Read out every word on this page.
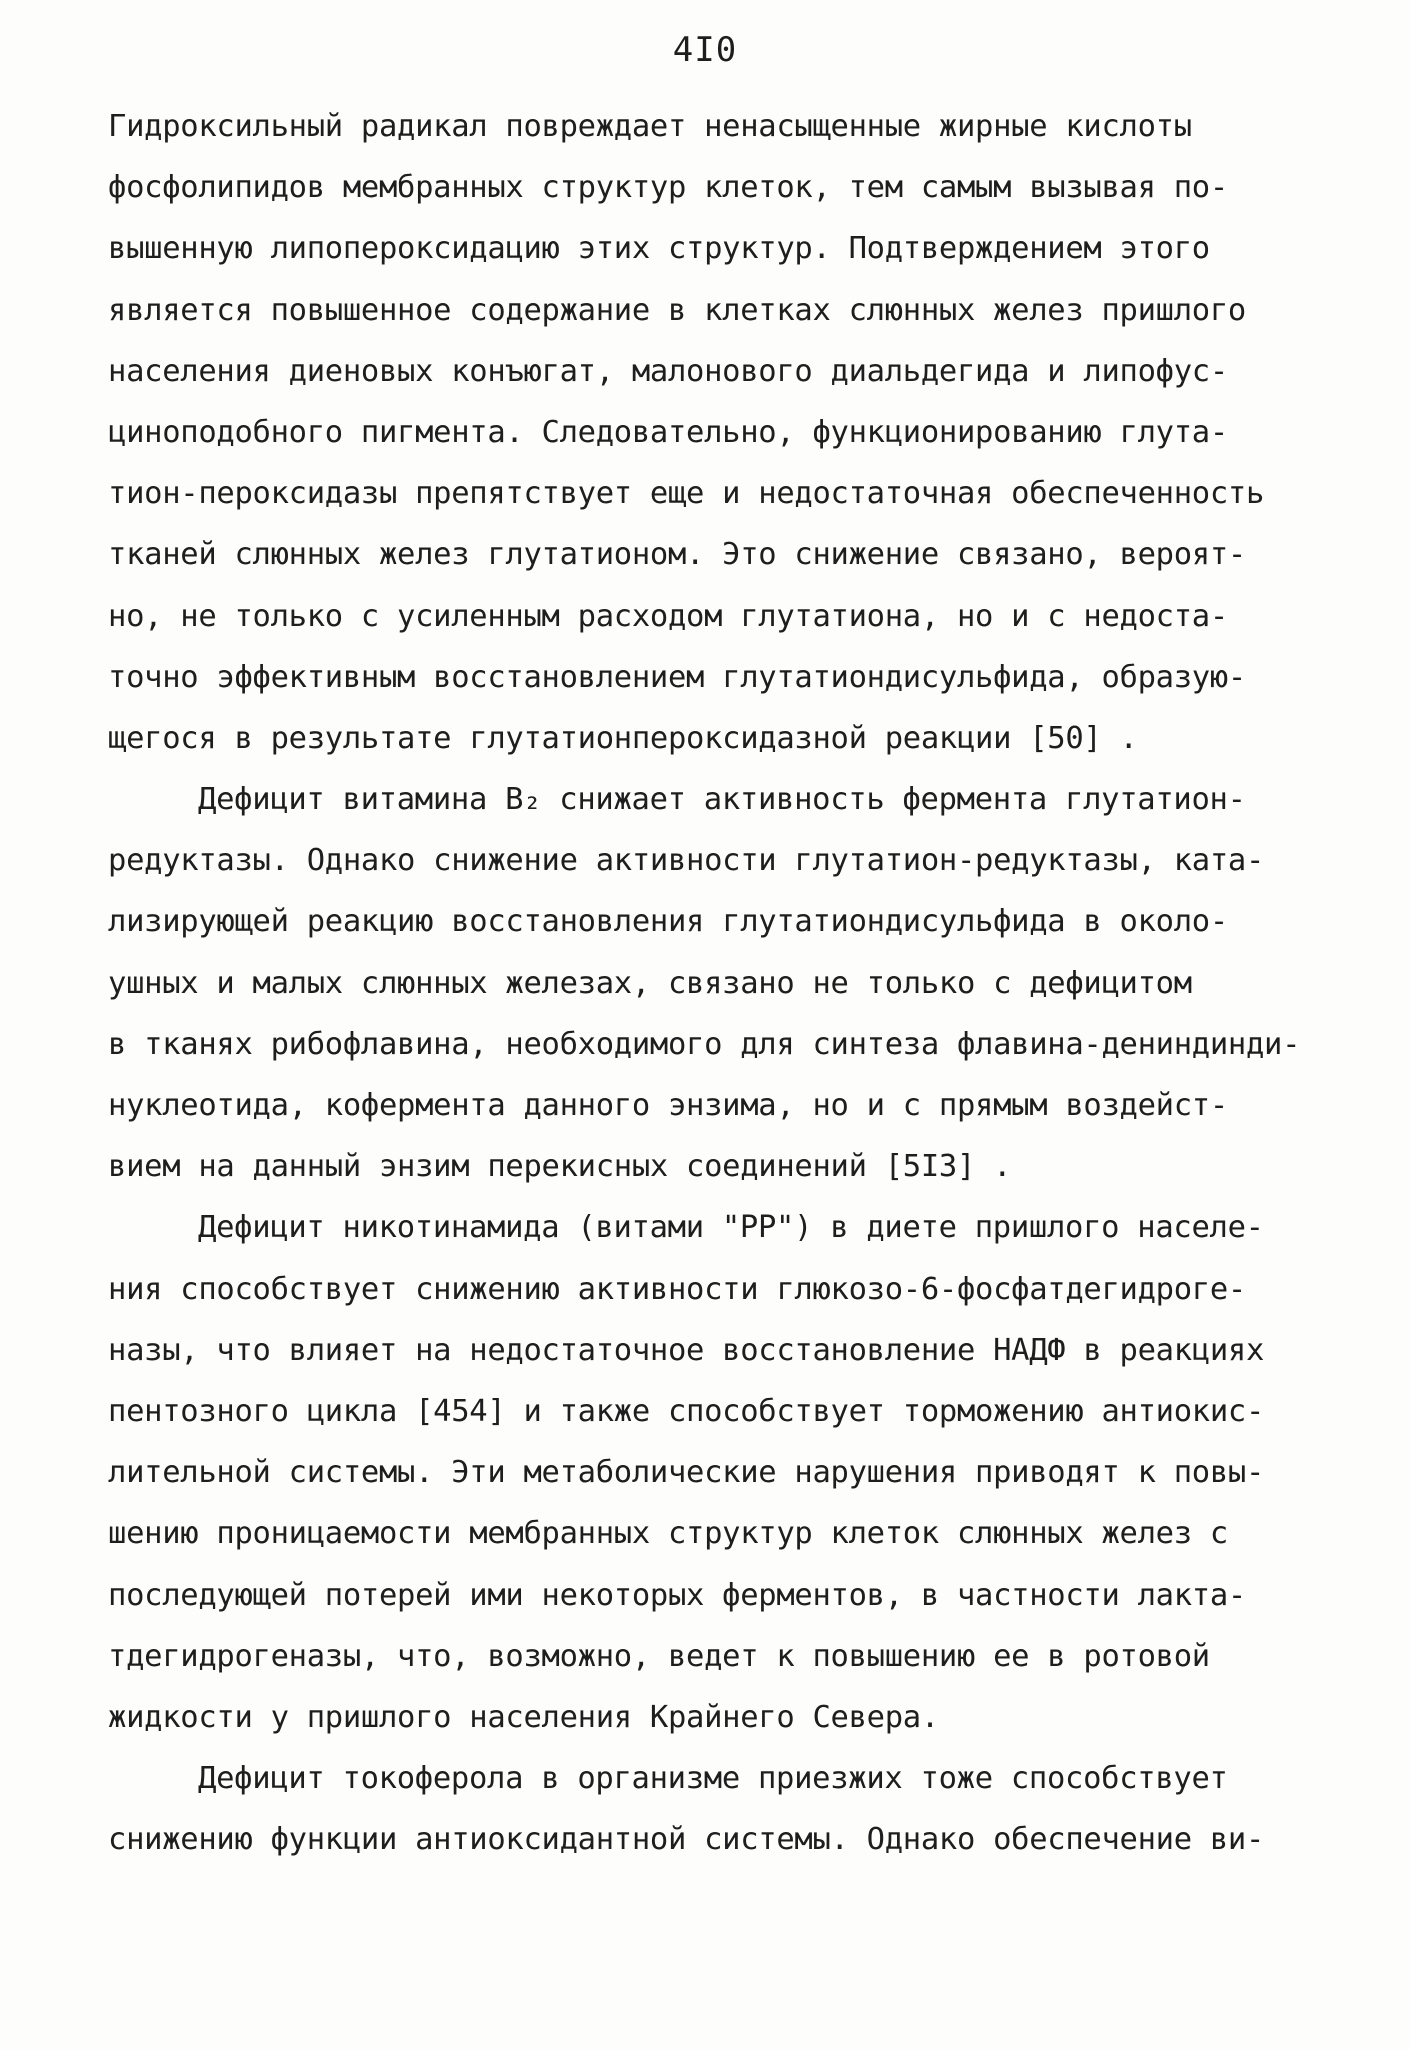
4I0
Гидроксильный радикал повреждает ненасыщенные жирные кислоты
фосфолипидов мембранных структур клеток, тем самым вызывая по-
вышенную липопероксидацию этих структур. Подтверждением этого
является повышенное содержание в клетках слюнных желез пришлого
населения диеновых конъюгат, малонового диальдегида и липофус-
циноподобного пигмента. Следовательно, функционированию глута-
тион-пероксидазы препятствует еще и недостаточная обеспеченность
тканей слюнных желез глутатионом. Это снижение связано, вероят-
но, не только с усиленным расходом глутатиона, но и с недоста-
точно эффективным восстановлением глутатиондисульфида, образую-
щегося в результате глутатионпероксидазной реакции [50] .
Дефицит витамина B₂ снижает активность фермента глутатион-
редуктазы. Однако снижение активности глутатион-редуктазы, ката-
лизирующей реакцию восстановления глутатиондисульфида в около-
ушных и малых слюнных железах, связано не только с дефицитом
в тканях рибофлавина, необходимого для синтеза флавина-дениндинди-
нуклеотида, кофермента данного энзима, но и с прямым воздейст-
вием на данный энзим перекисных соединений [5I3] .
Дефицит никотинамида (витами "PP") в диете пришлого населе-
ния способствует снижению активности глюкозо-6-фосфатдегидроге-
назы, что влияет на недостаточное восстановление НАДФ в реакциях
пентозного цикла [454] и также способствует торможению антиокис-
лительной системы. Эти метаболические нарушения приводят к повы-
шению проницаемости мембранных структур клеток слюнных желез с
последующей потерей ими некоторых ферментов, в частности лакта-
тдегидрогеназы, что, возможно, ведет к повышению ее в ротовой
жидкости у пришлого населения Крайнего Севера.
Дефицит токоферола в организме приезжих тоже способствует
снижению функции антиоксидантной системы. Однако обеспечение ви-
